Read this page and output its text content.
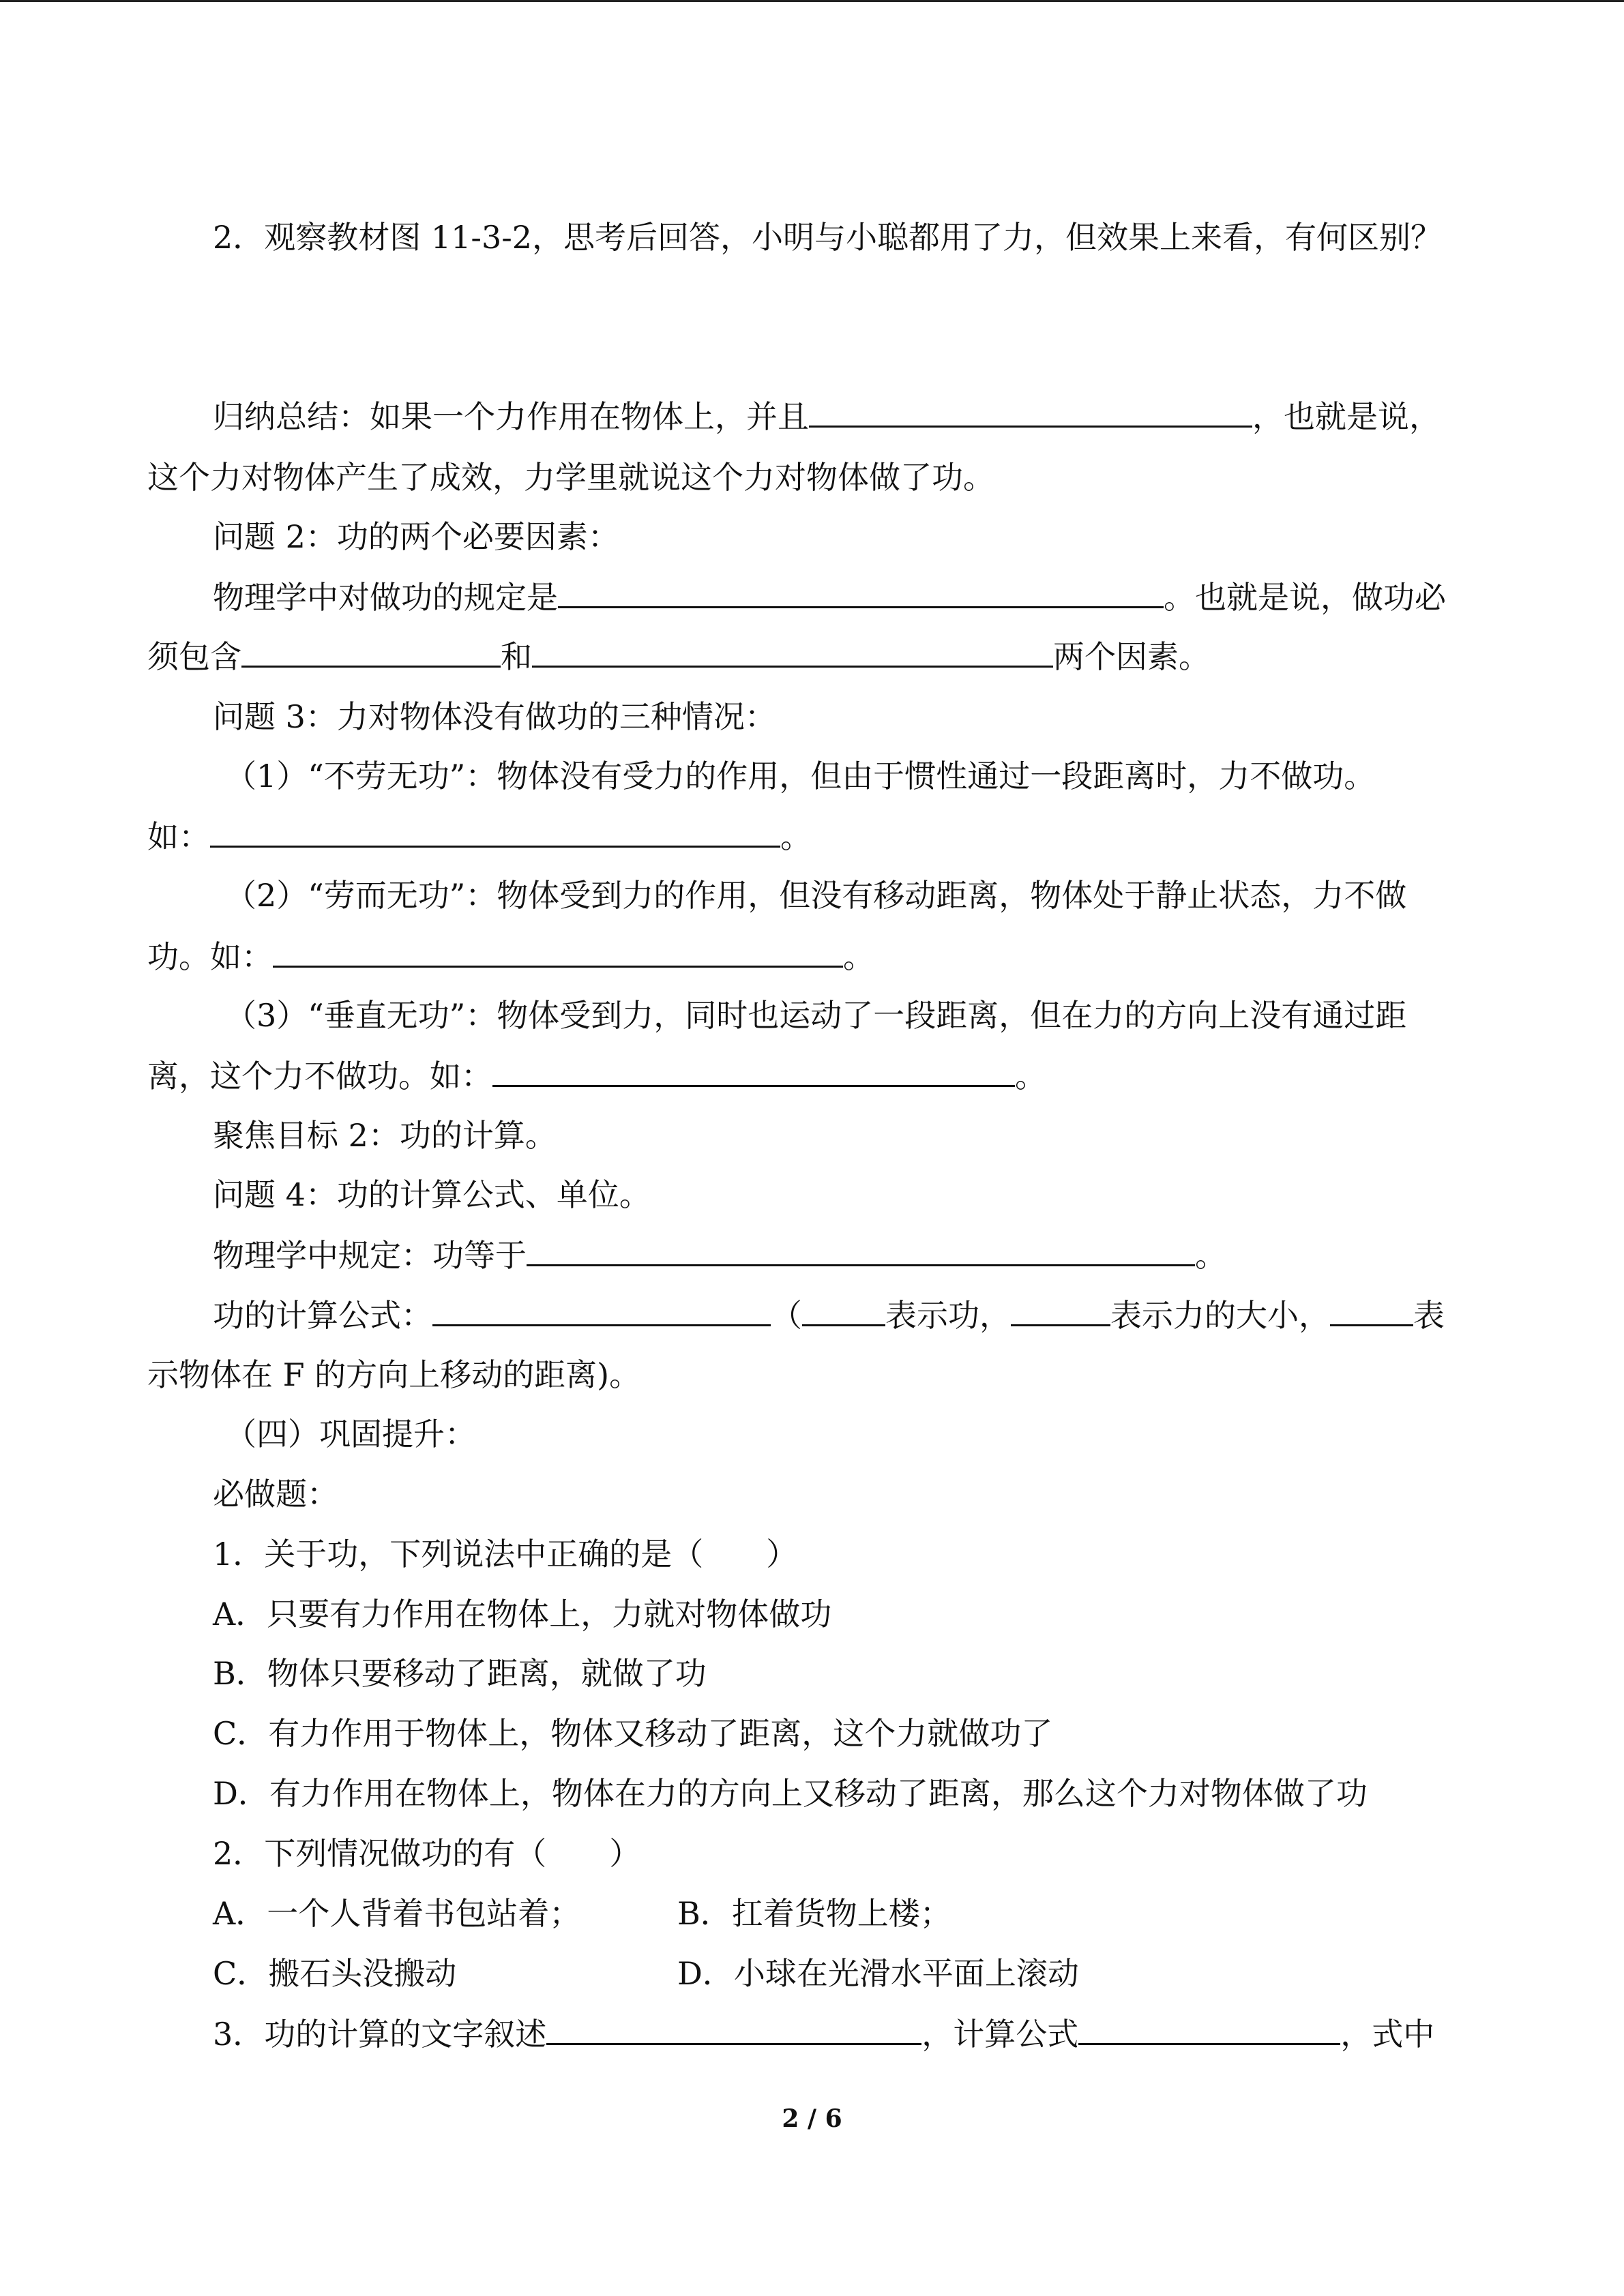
2．观察教材图 11-3-2，思考后回答，小明与小聪都用了力，但效果上来看，有何区别？
归纳总结：如果一个力作用在物体上，并且	，也就是说，
这个力对物体产生了成效，力学里就说这个力对物体做了功。
问题 2：功的两个必要因素：
物理学中对做功的规定是	。也就是说，做功必
须包含	和	两个因素。
问题 3：力对物体没有做功的三种情况：
（1）“不劳无功”：物体没有受力的作用，但由于惯性通过一段距离时，力不做功。
如：	。
（2）“劳而无功”：物体受到力的作用，但没有移动距离，物体处于静止状态，力不做
功。如：	。
（3）“垂直无功”：物体受到力，同时也运动了一段距离，但在力的方向上没有通过距
离，这个力不做功。如：	。
聚焦目标 2：功的计算。
问题 4：功的计算公式、单位。
物理学中规定：功等于	。
功的计算公式：	（	表示功，	表示力的大小，	表
示物体在 F 的方向上移动的距离)。
（四）巩固提升：
必做题：
1．关于功，下列说法中正确的是（　　）
A．只要有力作用在物体上，力就对物体做功
B．物体只要移动了距离，就做了功
C．有力作用于物体上，物体又移动了距离，这个力就做功了
D．有力作用在物体上，物体在力的方向上又移动了距离，那么这个力对物体做了功
2．下列情况做功的有（　　）
A．一个人背着书包站着；	B．扛着货物上楼；
C．搬石头没搬动	D．小球在光滑水平面上滚动
3．功的计算的文字叙述	，计算公式	，式中
2 / 6
